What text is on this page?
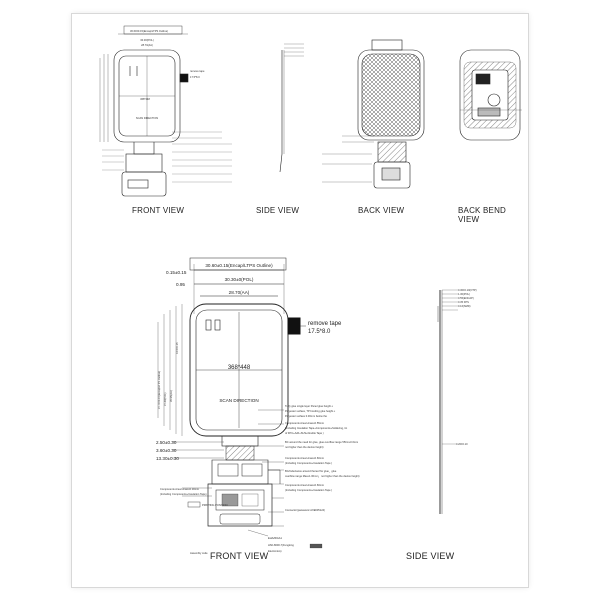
30.60±0.15(Encap/LTPS Outline)
30.30(POL)
28.70(AA)
368*448
SCAN DIRECTION
remove tape
17.5*8.0
30.60±0.15(Encap/LTPS Outline)
30.30±0(POL)
28.70(AA)
0.15±0.15
0.95
368*448
SCAN DIRECTION
remove tape
17.5*8.0
2.50±0.30
3.60±0.30
13.30±0.30
37.70±0.15(Encap/LTPS Outline)	37.40(POL)	35.95(AA)
0.15±0.15
Tuffy glue single layer Panel glue height ≤
Polyester surface, TP bonding glue height ≤
Polyester surface 0.30mm below the
Components Area Hmax≤0.55mm
(Including Insulation Tape+Components+Soldering, tin
of FPC+Adh+SUS+Double Tape )
BC around the need for glue, glue overflow range 55±m≤0.6mm
not higher than the device height)
Components Area Hmax≤0.60mm
(Including Components+Insulation Tape )
BC/inductance around thereof for glue，glue
overflow range Max≤1.00mm，not higher than the device height)
Components Area Hmax≤0.60mm
(Including Components+Insulation Tape )
Connector(panasonic AXE635124)
Components Area Hmax≤0.30mm
(Including Components+Insulation Tape)
PRINTING POSITION
Assembly code
EHAZDGA1
HSF-8000-7(Funglong
Electronics)
0.30±0.10(OTP)
1.30(POL)
0.55(ENCAP)
0.35 FPS
0.16(SMD)
0.20±0.10
FRONT VIEW	SIDE VIEW	BACK VIEW	BACK BEND VIEW
FRONT VIEW	SIDE VIEW
